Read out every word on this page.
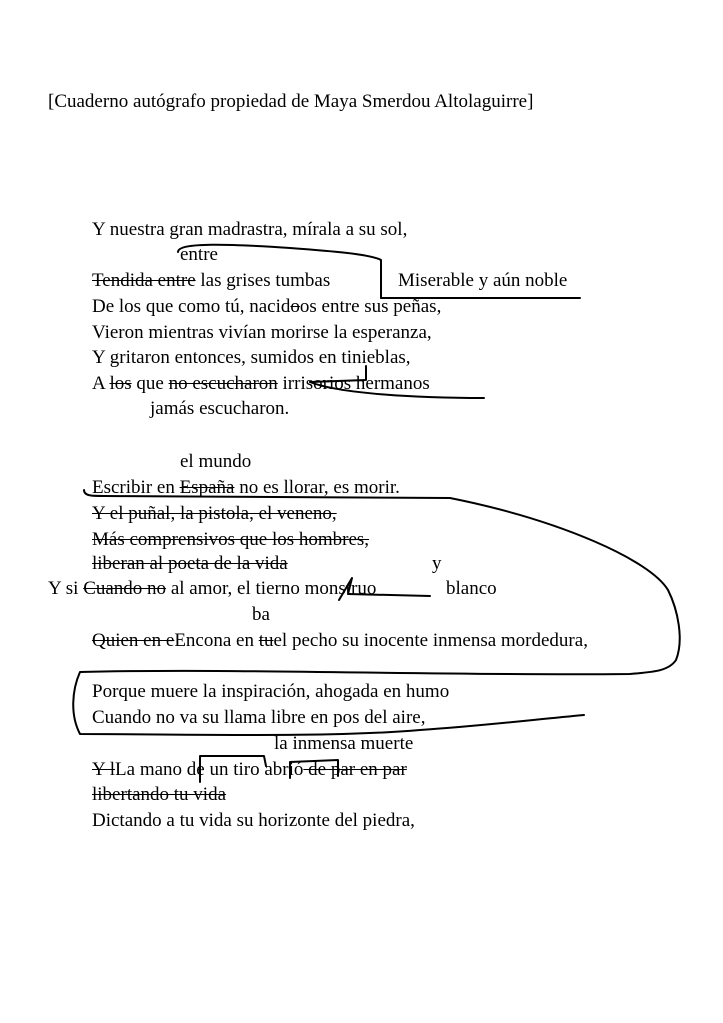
[Cuaderno autógrafo propiedad de Maya Smerdou Altolaguirre]
Y nuestra gran madrastra, mírala a su sol,
entre
Tendida entre las grises tumbas	Miserable y aún noble
De los que como tú, nacidoos entre sus peñas,
Vieron mientras vivían morirse la esperanza,
Y gritaron entonces, sumidos en tinieblas,
A los que no escucharon irrisorios hermanos
jamás escucharon.
el mundo
Escribir en España no es llorar, es morir.
Y el puñal, la pistola, el veneno,
Más comprensivos que los hombres,
liberan al poeta de la vida	y
Y si Cuando no al amor, el tierno monstruo	blanco
ba
Quien en eEncona en tuel pecho su inocente inmensa mordedura,
Porque muere la inspiración, ahogada en humo
Cuando no va su llama libre en pos del aire,
la inmensa muerte
Y lLa mano de un tiro abrió de par en par
libertando tu vida
Dictando a tu vida su horizonte del piedra,
